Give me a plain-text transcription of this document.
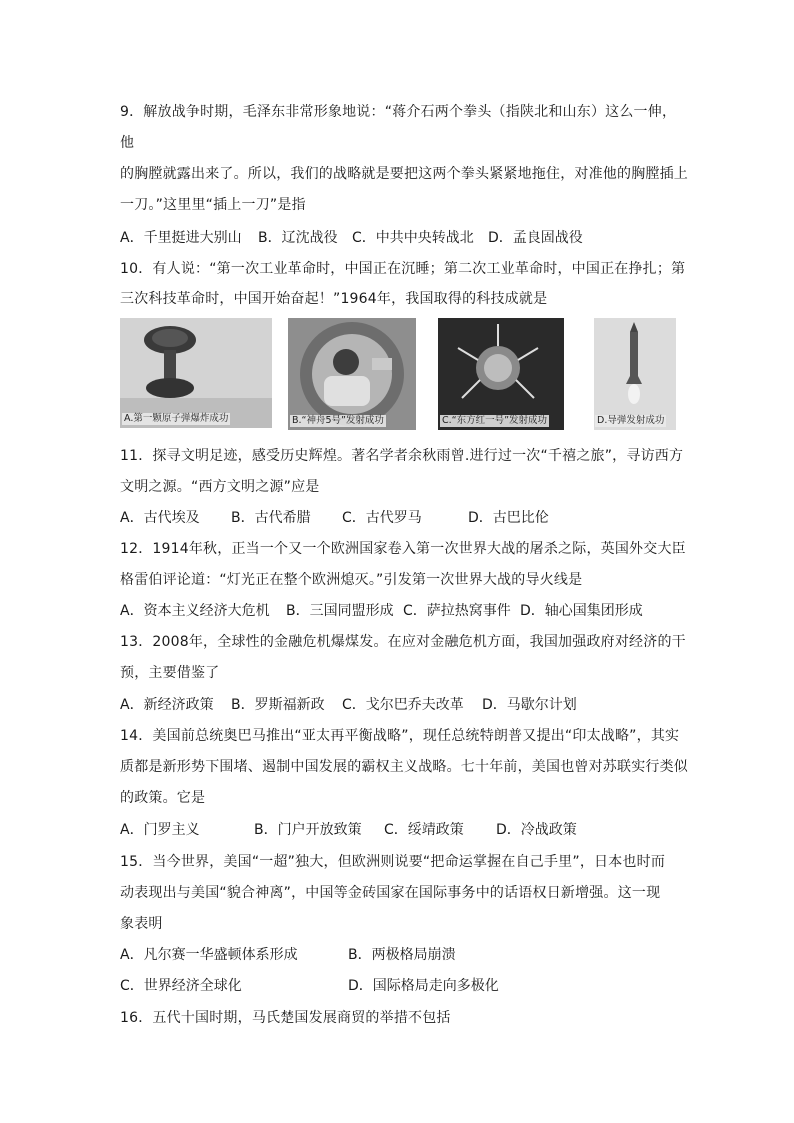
9．解放战争时期，毛泽东非常形象地说：“蒋介石两个拳头（指陕北和山东）这么一伸，
他
的胸膛就露出来了。所以，我们的战略就是要把这两个拳头紧紧地拖住，对准他的胸膛插上
一刀。”这里里“插上一刀”是指
A．千里挺进大别山 B．辽沈战役 C．中共中央转战北 D．孟良固战役
10．有人说：“第一次工业革命时，中国正在沉睡；第二次工业革命时，中国正在挣扎；第
三次科技革命时，中国开始奋起！”1964年，我国取得的科技成就是
A.第一颗原子弹爆炸成功	B.“神舟5号”发射成功	C.“东方红一号”发射成功	D.导弹发射成功
11．探寻文明足迹，感受历史辉煌。著名学者余秋雨曾.进行过一次“千禧之旅”，寻访西方
文明之源。“西方文明之源”应是
A．古代埃及 B．古代希腊 C．古代罗马	D．古巴比伦
12．1914年秋，正当一个又一个欧洲国家卷入第一次世界大战的屠杀之际，英国外交大臣
格雷伯评论道：“灯光正在整个欧洲熄灭。”引发第一次世界大战的导火线是
A．资本主义经济大危机 B．三国同盟形成 C．萨拉热窝事件 D．轴心国集团形成
13．2008年，全球性的金融危机爆煤发。在应对金融危机方面，我国加强政府对经济的干
预，主要借鉴了
A．新经济政策 B．罗斯福新政 C．戈尔巴乔夫改革 D．马歇尔计划
14．美国前总统奥巴马推出“亚太再平衡战略”，现任总统特朗普又提出“印太战略”，其实
质都是新形势下围堵、遏制中国发展的霸权主义战略。七十年前，美国也曾对苏联实行类似
的政策。它是
A．门罗主义	B．门户开放致策 C．绥靖政策 D．冷战政策
15．当今世界，美国“一超”独大，但欧洲则说要“把命运掌握在自己手里”，日本也时而
动表现出与美国“貌合神离”，中国等金砖国家在国际事务中的话语权日新增强。这一现
象表明
A．凡尔赛一华盛顿体系形成	B．两极格局崩溃
C．世界经济全球化	D．国际格局走向多极化
16．五代十国时期，马氏楚国发展商贸的举措不包括
